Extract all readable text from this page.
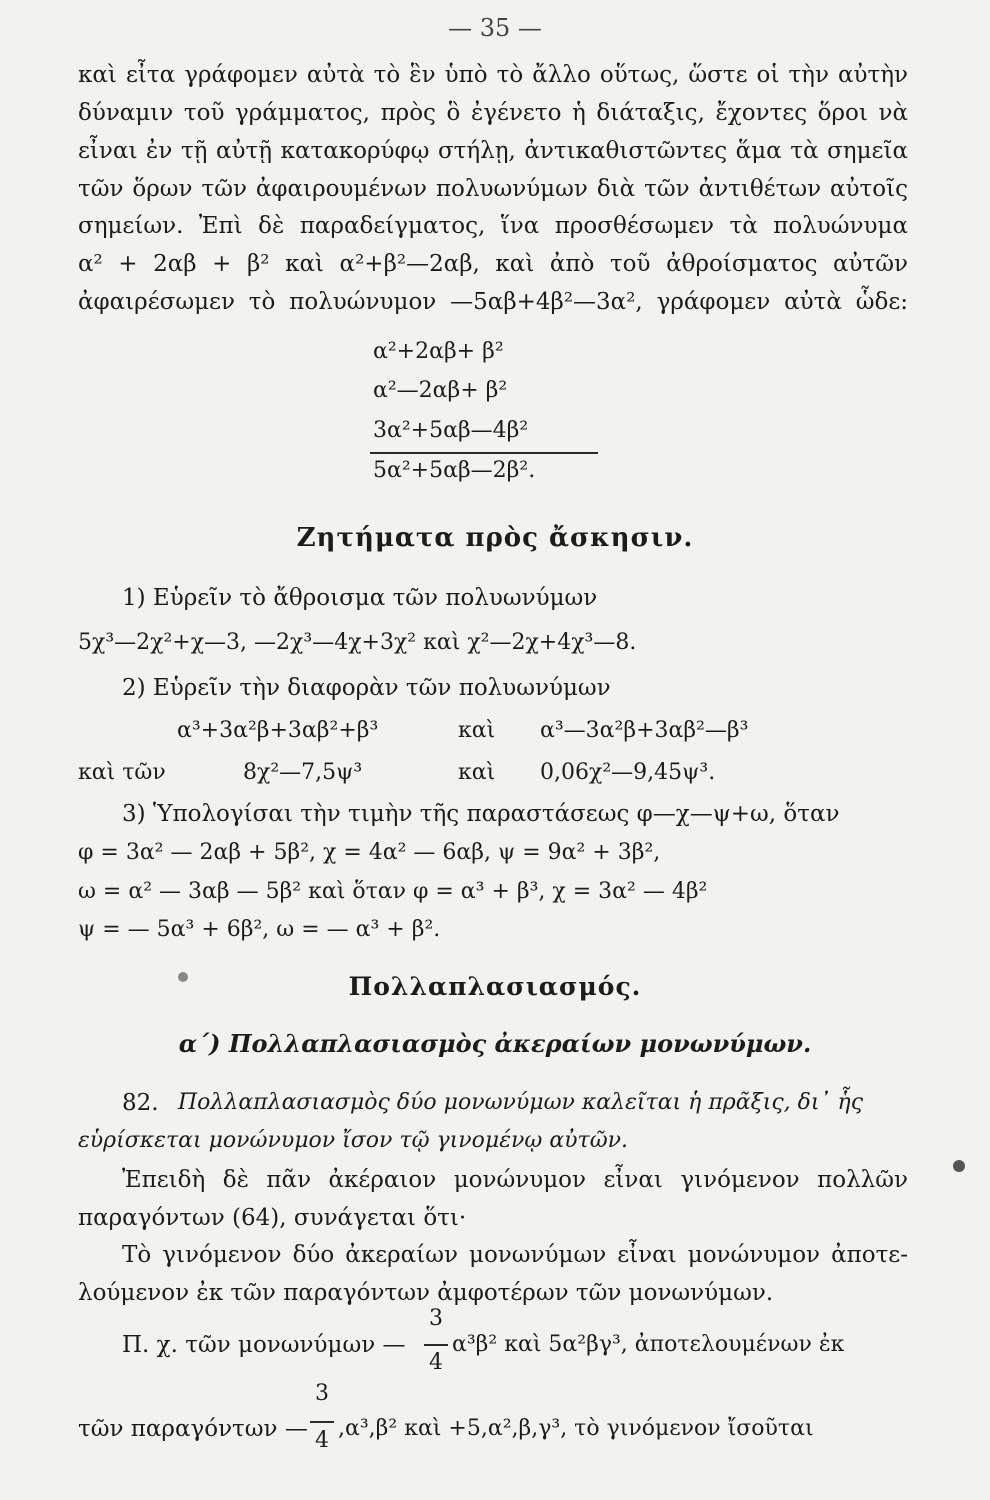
— 35 —
καὶ εἶτα γράφομεν αὐτὰ τὸ ἓν ὑπὸ τὸ ἄλλο οὕτως, ὥστε οἱ τὴν αὐτὴν
δύναμιν τοῦ γράμματος, πρὸς ὃ ἐγένετο ἡ διάταξις, ἔχοντες ὅροι νὰ
εἶναι ἐν τῇ αὐτῇ κατακορύφῳ στήλῃ, ἀντικαθιστῶντες ἅμα τὰ σημεῖα
τῶν ὅρων τῶν ἀφαιρουμένων πολυωνύμων διὰ τῶν ἀντιθέτων αὐτοῖς
σημείων. Ἐπὶ δὲ παραδείγματος, ἵνα προσθέσωμεν τὰ πολυώνυμα
α² + 2αβ + β² καὶ α²+β²—2αβ, καὶ ἀπὸ τοῦ ἀθροίσματος αὐτῶν
ἀφαιρέσωμεν τὸ πολυώνυμον —5αβ+4β²—3α², γράφομεν αὐτὰ ὧδε:
α²+2αβ+ β²
α²—2αβ+ β²
3α²+5αβ—4β²
5α²+5αβ—2β².
Ζητήματα πρὸς ἄσκησιν.
1) Εὑρεῖν τὸ ἄθροισμα τῶν πολυωνύμων
5χ³—2χ²+χ—3, —2χ³—4χ+3χ² καὶ χ²—2χ+4χ³—8.
2) Εὑρεῖν τὴν διαφορὰν τῶν πολυωνύμων
α³+3α²β+3αβ²+β³	καὶ α³—3α²β+3αβ²—β³
καὶ τῶν	8χ²—7,5ψ³	καὶ 0,06χ²—9,45ψ³.
3) Ὑπολογίσαι τὴν τιμὴν τῆς παραστάσεως φ—χ—ψ+ω, ὅταν
φ = 3α² — 2αβ + 5β², χ = 4α² — 6αβ, ψ = 9α² + 3β²,
ω = α² — 3αβ — 5β² καὶ ὅταν φ = α³ + β³, χ = 3α² — 4β²
ψ = — 5α³ + 6β², ω = — α³ + β².
Πολλαπλασιασμός.
α΄) Πολλαπλασιασμὸς ἀκεραίων μονωνύμων.
82. Πολλαπλασιασμὸς δύο μονωνύμων καλεῖται ἡ πρᾶξις, δι᾽ ἧς
εὑρίσκεται μονώνυμον ἴσον τῷ γινομένῳ αὐτῶν.
Ἐπειδὴ δὲ πᾶν ἀκέραιον μονώνυμον εἶναι γινόμενον πολλῶν
παραγόντων (64), συνάγεται ὅτι·
Τὸ γινόμενον δύο ἀκεραίων μονωνύμων εἶναι μονώνυμον ἀποτε-
λούμενον ἐκ τῶν παραγόντων ἀμφοτέρων τῶν μονωνύμων.
Π. χ. τῶν μονωνύμων —
3
4
α³β² καὶ 5α²βγ³, ἀποτελουμένων ἐκ
τῶν παραγόντων —
3
4 ,α³,β² καὶ +5,α²,β,γ³, τὸ γινόμενον ἴσοῦται
